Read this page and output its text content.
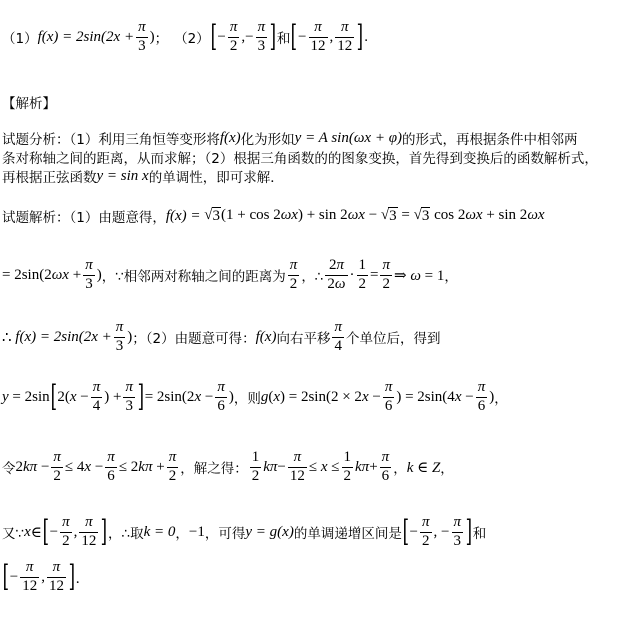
（1） $f(x) = 2\sin(2x + \frac{\pi}{3}$ ) ； （2） [ − $\frac{\pi}{2}$ , − $\frac{\pi}{3}$ ] 和 [ − $\frac{\pi}{12}$ , $\frac{\pi}{12}$ ] .
【解析】
试题分析：（1）利用三角恒等变形将 f(x) 化为形如 y = A sin(ωx + φ) 的形式，再根据条件中相邻两
条对称轴之间的距离，从而求解；（2）根据三角函数的的图象变换，首先得到变换后的函数解析式，
再根据正弦函数 y = sin x 的单调性，即可求解．
试题解析：（1）由题意得， f(x) = √ 3 (1 + cos 2ωx) + sin 2ωx − √ 3 = √ 3 cos 2ωx + sin 2ωx
= $2\sin(2\omega x + \frac{\pi}{3}$ ) ，∵相邻两对称轴之间的距离为 $\frac{\pi}{2}$ ，∴ $\frac{2\pi}{2\omega} \cdot \frac{1}{2} = \frac{\pi}{2}$ ⇒ ω = 1 ，
∴ $f(x) = 2\sin(2x + \frac{\pi}{3}$ ) ；（2）由题意可得： f(x) 向右平移 $\frac{\pi}{4}$ 个单位后，得到
y = 2sin [ $2(x - \frac{\pi}{4}$ ) + $\frac{\pi}{3}$ ] = $2\sin(2x - \frac{\pi}{6}$ ) ，则 $g(x) = 2\sin(2 \times 2x - \frac{\pi}{6}$ ) = $2\sin(4x - \frac{\pi}{6}$ ) ，
令 $2k\pi - \frac{\pi}{2} \le 4x - \frac{\pi}{6} \le 2k\pi + \frac{\pi}{2}$ ，解之得： $\frac{1}{2}$ $k\pi - \frac{\pi}{12} \le x \le \frac{1}{2}$ $k\pi + \frac{\pi}{6}$ ， k ∈ Z ，
又∵ x ∈ [ − $\frac{\pi}{2}$ , $\frac{\pi}{12}$ ] ，∴取 k = 0 ， −1 ，可得 y = g(x) 的单调递增区间是 [ − $\frac{\pi}{2}$ , − $\frac{\pi}{3}$ ] 和
[ − $\frac{\pi}{12}$ , $\frac{\pi}{12}$ ] ．
